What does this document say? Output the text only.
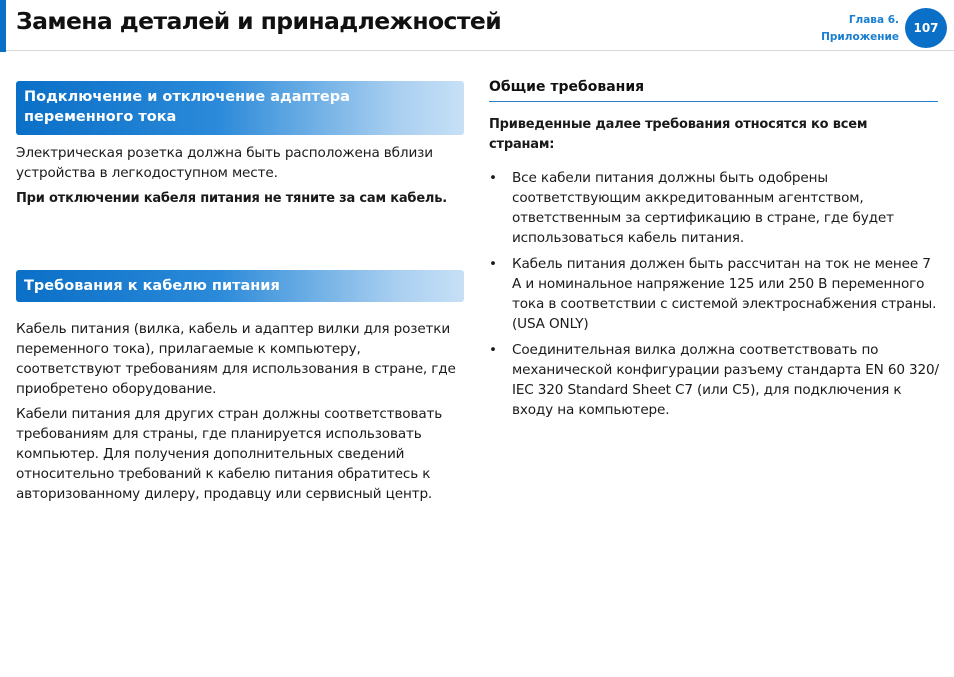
Замена деталей и принадлежностей	Глава 6.
Приложение
107
Подключение и отключение адаптера переменного тока

Электрическая розетка должна быть расположена вблизи устройства в легкодоступном месте.

При отключении кабеля питания не тяните за сам кабель.

Требования к кабелю питания

Кабель питания (вилка, кабель и адаптер вилки для розетки переменного тока), прилагаемые к компьютеру, соответствуют требованиям для использования в стране, где приобретено оборудование.

Кабели питания для других стран должны соответствовать требованиям для страны, где планируется использовать компьютер. Для получения дополнительных сведений относительно требований к кабелю питания обратитесь к авторизованному дилеру, продавцу или сервисный центр.

Общие требования

Приведенные далее требования относятся ко всем странам:

• Все кабели питания должны быть одобрены соответствующим аккредитованным агентством, ответственным за сертификацию в стране, где будет использоваться кабель питания.
• Кабель питания должен быть рассчитан на ток не менее 7 А и номинальное напряжение 125 или 250 В переменного тока в соответствии с системой электроснабжения страны. (USA ONLY)
• Соединительная вилка должна соответствовать по механической конфигурации разъему стандарта EN 60 320/ IEC 320 Standard Sheet C7 (или C5), для подключения к входу на компьютере.
